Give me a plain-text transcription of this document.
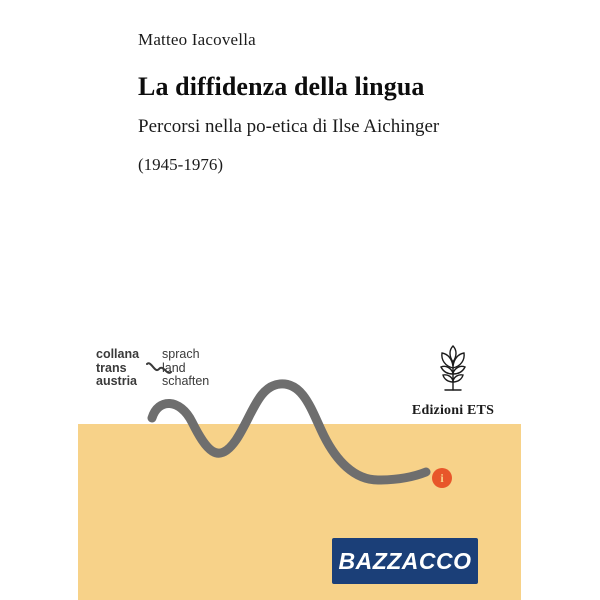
Matteo Iacovella
La diffidenza della lingua
Percorsi nella po-etica di Ilse Aichinger
(1945-1976)
i
collana
trans
austria
sprach
land
schaften
Edizioni ETS
BAZZACCO
